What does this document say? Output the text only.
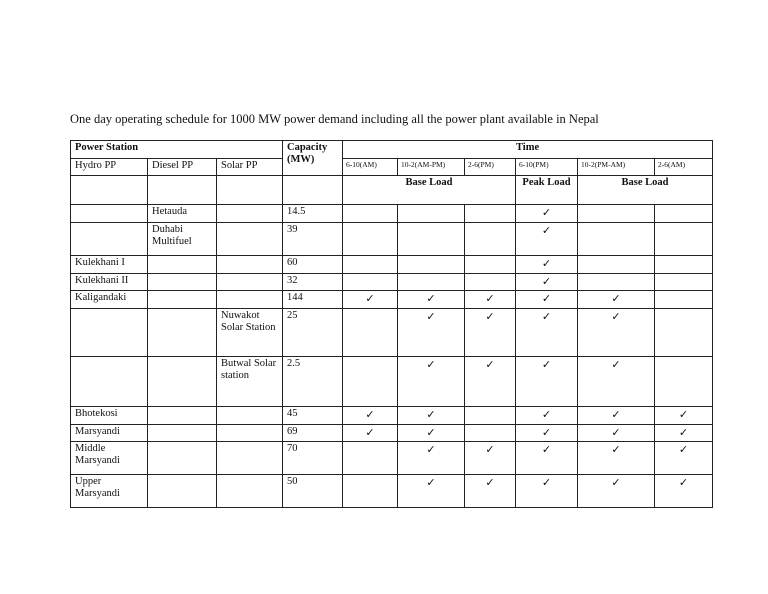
One day operating schedule for 1000 MW power demand including all the power plant available in Nepal
Power Station			Capacity (MW)	Time					
Hydro PP	Diesel PP	Solar PP		6-10(AM)	10-2(AM-PM)	2-6(PM)	6-10(PM)	10-2(PM-AM)	2-6(AM)
				Base Load			Peak Load	Base Load	
	Hetauda		14.5				✓		
	Duhabi Multifuel		39				✓		
Kulekhani I			60				✓		
Kulekhani II			32				✓		
Kaligandaki			144	✓	✓	✓	✓	✓	
		Nuwakot Solar Station	25		✓	✓	✓	✓	
		Butwal Solar station	2.5		✓	✓	✓	✓	
Bhotekosi			45	✓	✓		✓	✓	✓
Marsyandi			69	✓	✓		✓	✓	✓
Middle Marsyandi			70		✓	✓	✓	✓	✓
Upper Marsyandi			50		✓	✓	✓	✓	✓
